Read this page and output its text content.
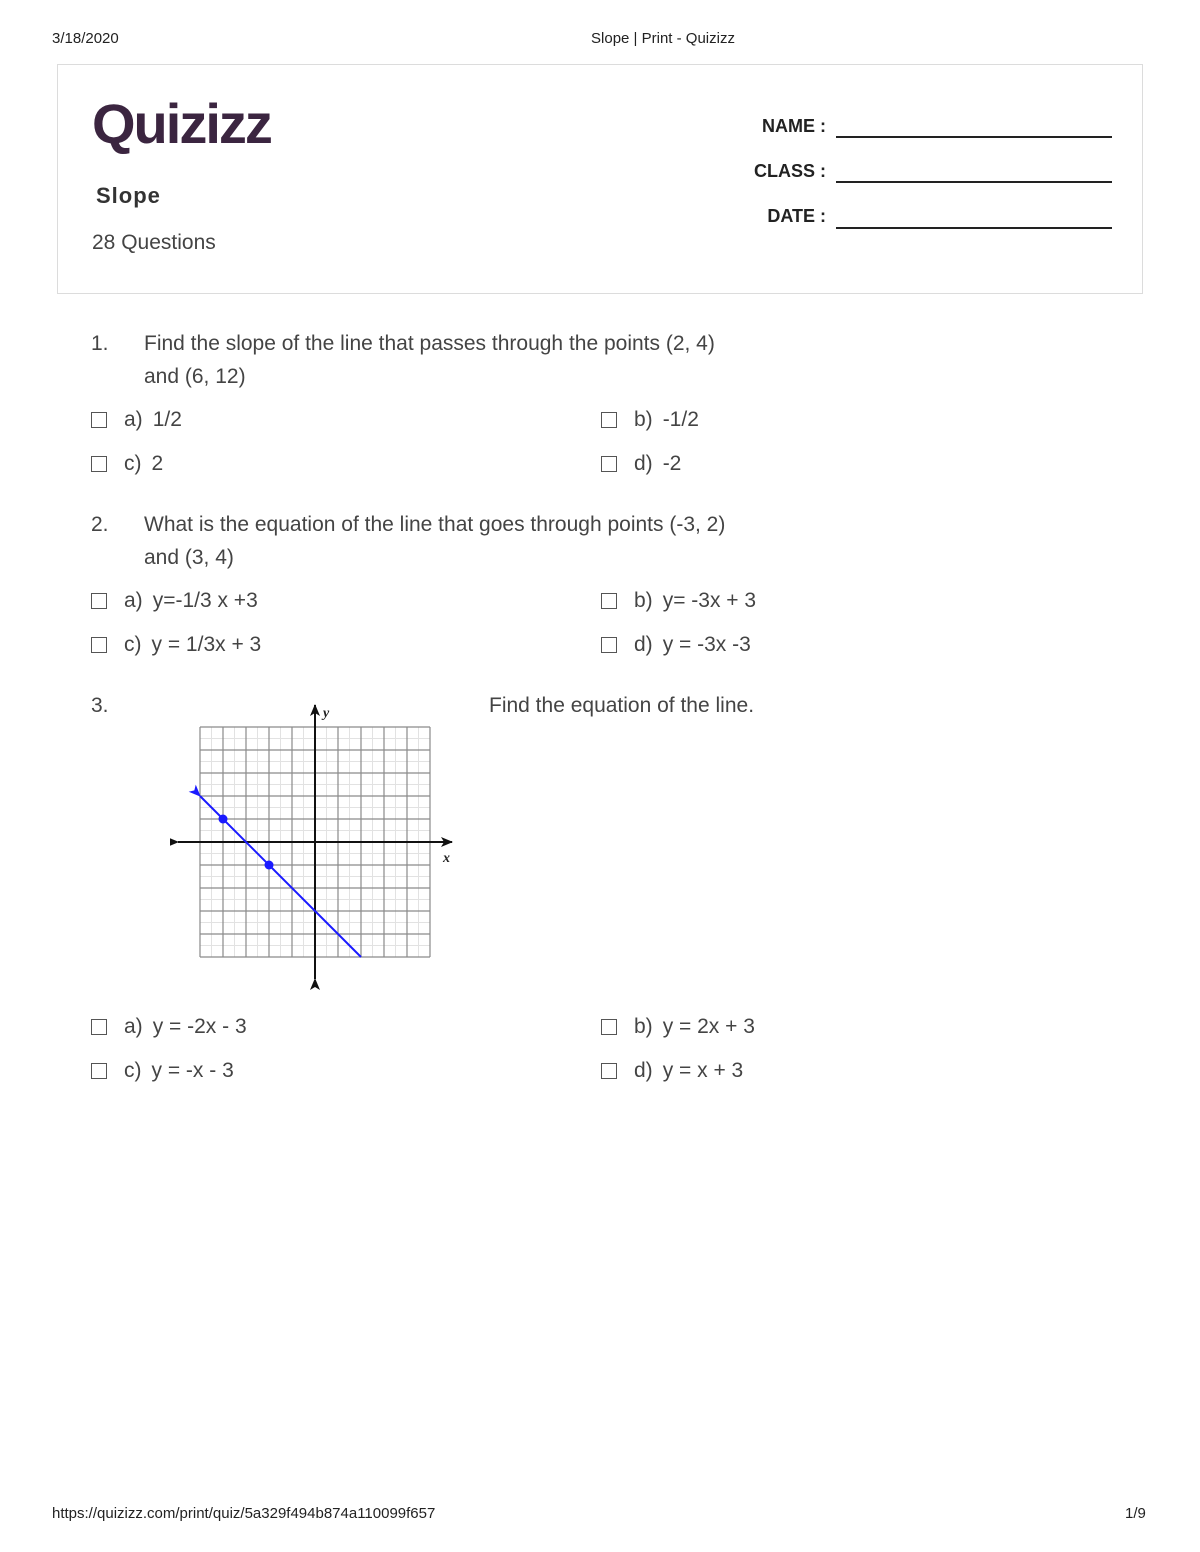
3/18/2020	Slope | Print - Quizizz
Quizizz
Slope
28 Questions
NAME :
CLASS :
DATE :
1. Find the slope of the line that passes through the points (2, 4)
and (6, 12)
a) 1/2	b) -1/2
c) 2	d) -2
2. What is the equation of the line that goes through points (-3, 2)
and (3, 4)
a) y=-1/3 x +3	b) y= -3x + 3
c) y = 1/3x + 3	d) y = -3x -3
3.	Find the equation of the line.
x
y
a) y = -2x - 3	b) y = 2x + 3
c) y = -x - 3	d) y = x + 3
https://quizizz.com/print/quiz/5a329f494b874a110099f657	1/9
